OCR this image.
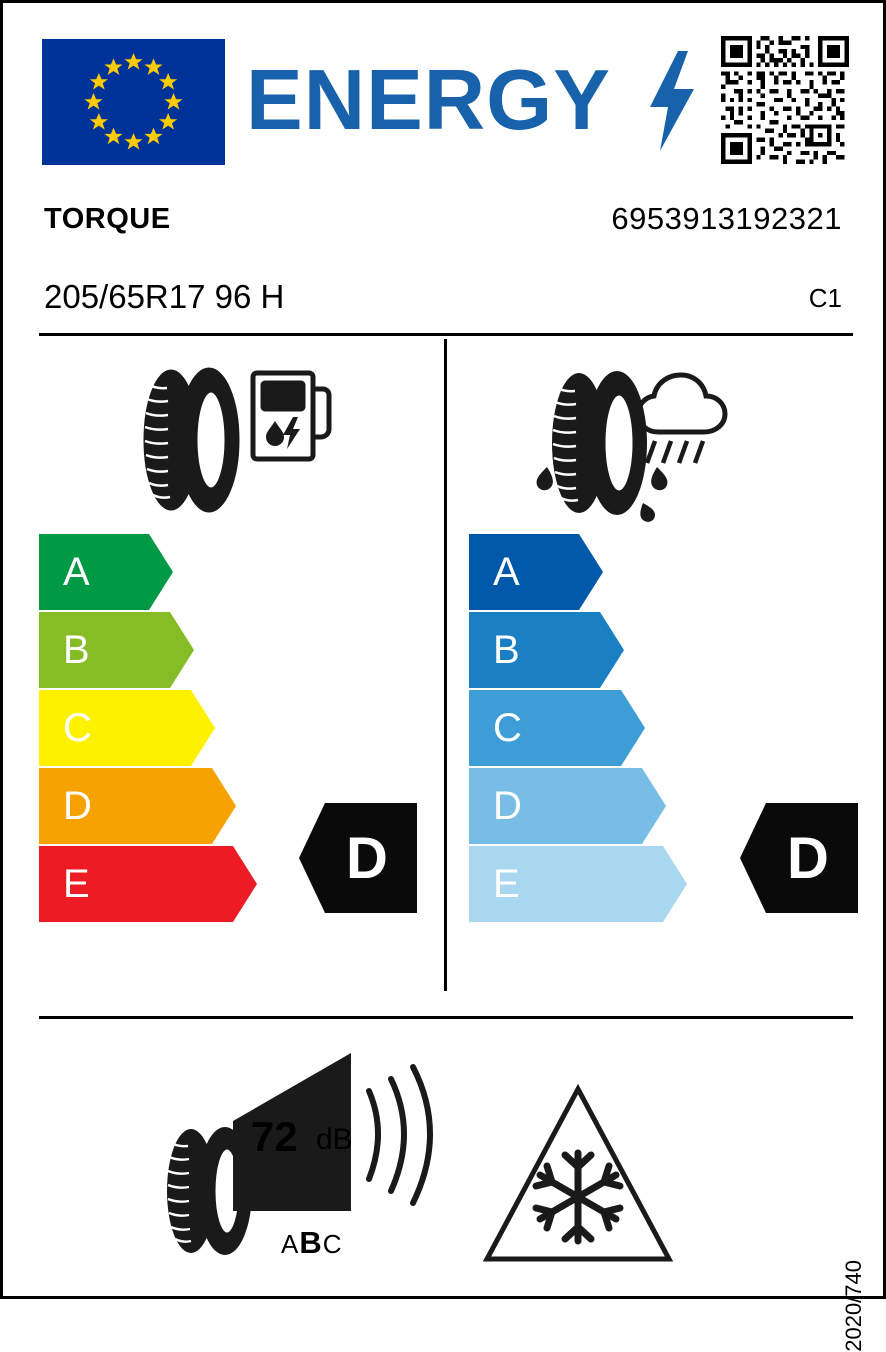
ENERGY
TORQUE	6953913192321
205/65R17 96 H	C1
A
B
C
D
E
A
B
C
D
E
D	D
72 dB
ABC
2020/740
